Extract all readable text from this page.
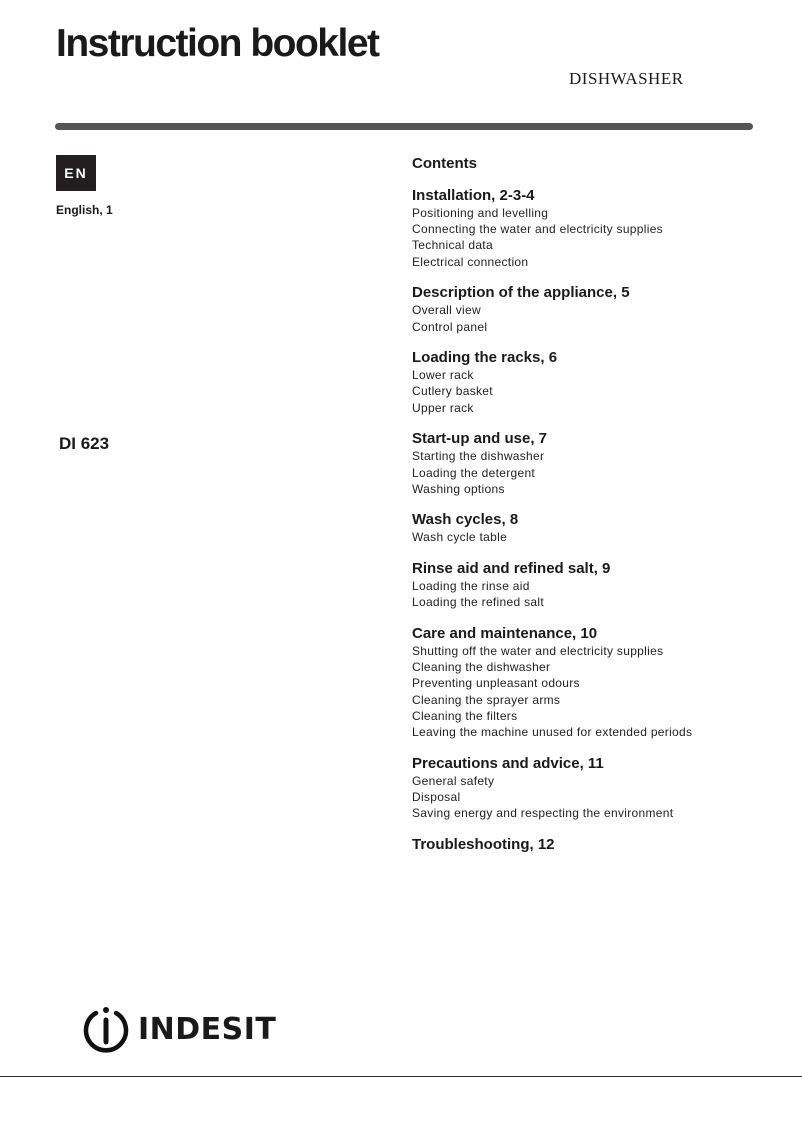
Instruction booklet
DISHWASHER
EN
English, 1
DI 623
Contents
Installation, 2-3-4
Positioning and levelling
Connecting the water and electricity supplies
Technical data
Electrical connection
Description of the appliance, 5
Overall view
Control panel
Loading the racks, 6
Lower rack
Cutlery basket
Upper rack
Start-up and use, 7
Starting the dishwasher
Loading the detergent
Washing options
Wash cycles, 8
Wash cycle table
Rinse aid and refined salt, 9
Loading the rinse aid
Loading the refined salt
Care and maintenance, 10
Shutting off the water and electricity supplies
Cleaning the dishwasher
Preventing unpleasant odours
Cleaning the sprayer arms
Cleaning the filters
Leaving the machine unused for extended periods
Precautions and advice, 11
General safety
Disposal
Saving energy and respecting the environment
Troubleshooting, 12
INDESIT
